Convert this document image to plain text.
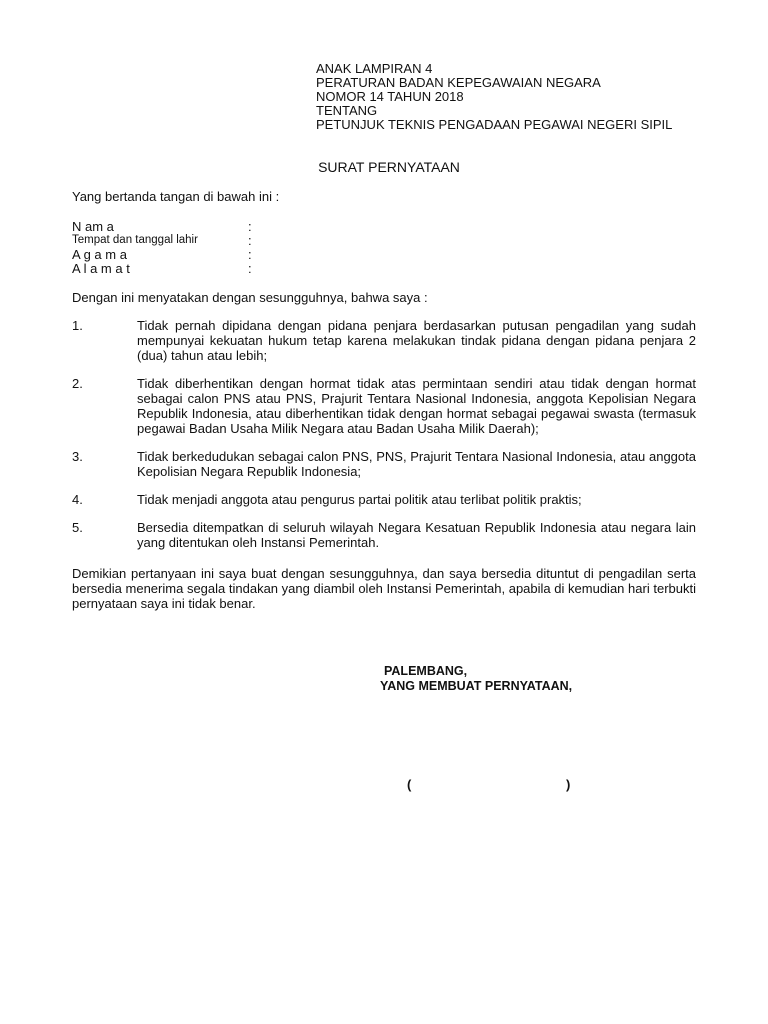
ANAK LAMPIRAN 4
PERATURAN BADAN KEPEGAWAIAN NEGARA
NOMOR 14 TAHUN 2018
TENTANG
PETUNJUK TEKNIS PENGADAAN PEGAWAI NEGERI SIPIL
SURAT PERNYATAAN
Yang bertanda tangan di bawah ini :
N am a	:
Tempat dan tanggal lahir	:
A g a m a	:
A l a m a t	:
Dengan ini menyatakan dengan sesungguhnya, bahwa saya :
1.	Tidak pernah dipidana dengan pidana penjara berdasarkan putusan pengadilan yang sudah mempunyai kekuatan hukum tetap karena melakukan tindak pidana dengan pidana penjara 2 (dua) tahun atau lebih;
2.	Tidak diberhentikan dengan hormat tidak atas permintaan sendiri atau tidak dengan hormat sebagai calon PNS atau PNS, Prajurit Tentara Nasional Indonesia, anggota Kepolisian Negara Republik Indonesia, atau diberhentikan tidak dengan hormat sebagai pegawai swasta (termasuk pegawai Badan Usaha Milik Negara atau Badan Usaha Milik Daerah);
3.	Tidak berkedudukan sebagai calon PNS, PNS, Prajurit Tentara Nasional Indonesia, atau anggota Kepolisian Negara Republik Indonesia;
4.	Tidak menjadi anggota atau pengurus partai politik atau terlibat politik praktis;
5.	Bersedia ditempatkan di seluruh wilayah Negara Kesatuan Republik Indonesia atau negara lain yang ditentukan oleh Instansi Pemerintah.
Demikian pertanyaan ini saya buat dengan sesungguhnya, dan saya bersedia dituntut di pengadilan serta bersedia menerima segala tindakan yang diambil oleh Instansi Pemerintah, apabila di kemudian hari terbukti pernyataan saya ini tidak benar.
PALEMBANG,
YANG MEMBUAT PERNYATAAN,
(	)
